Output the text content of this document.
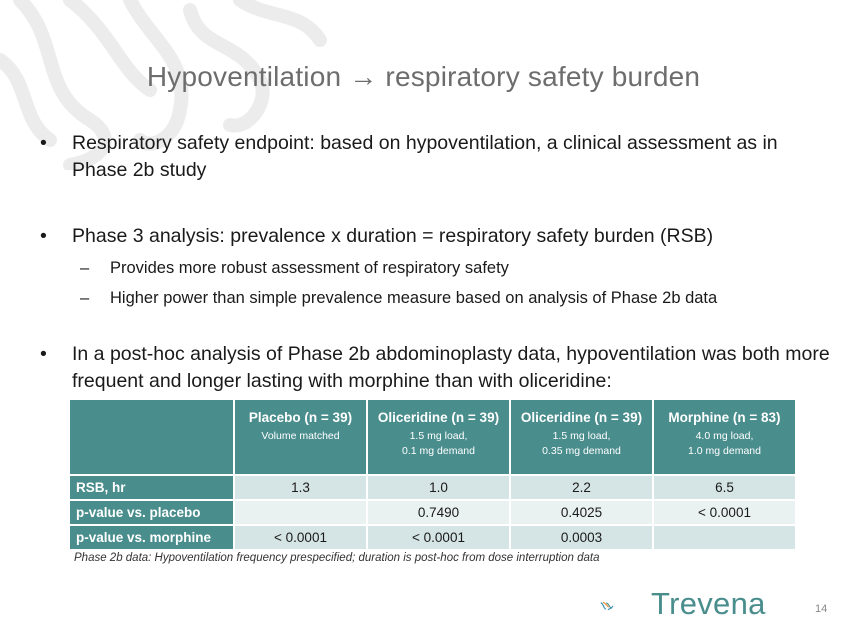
Hypoventilation → respiratory safety burden
• Respiratory safety endpoint: based on hypoventilation, a clinical assessment as in Phase 2b study
• Phase 3 analysis: prevalence x duration = respiratory safety burden (RSB)
– Provides more robust assessment of respiratory safety
– Higher power than simple prevalence measure based on analysis of Phase 2b data
• In a post-hoc analysis of Phase 2b abdominoplasty data, hypoventilation was both more frequent and longer lasting with morphine than with oliceridine:
	Placebo (n = 39)
Volume matched	Oliceridine (n = 39)
1.5 mg load,
0.1 mg demand	Oliceridine (n = 39)
1.5 mg load,
0.35 mg demand	Morphine (n = 83)
4.0 mg load,
1.0 mg demand

RSB, hr	1.3	1.0	2.2	6.5
p-value vs. placebo		0.7490	0.4025	< 0.0001
p-value vs. morphine	< 0.0001	< 0.0001	0.0003	
Phase 2b data: Hypoventilation frequency prespecified; duration is post-hoc from dose interruption data
Trevena	14
